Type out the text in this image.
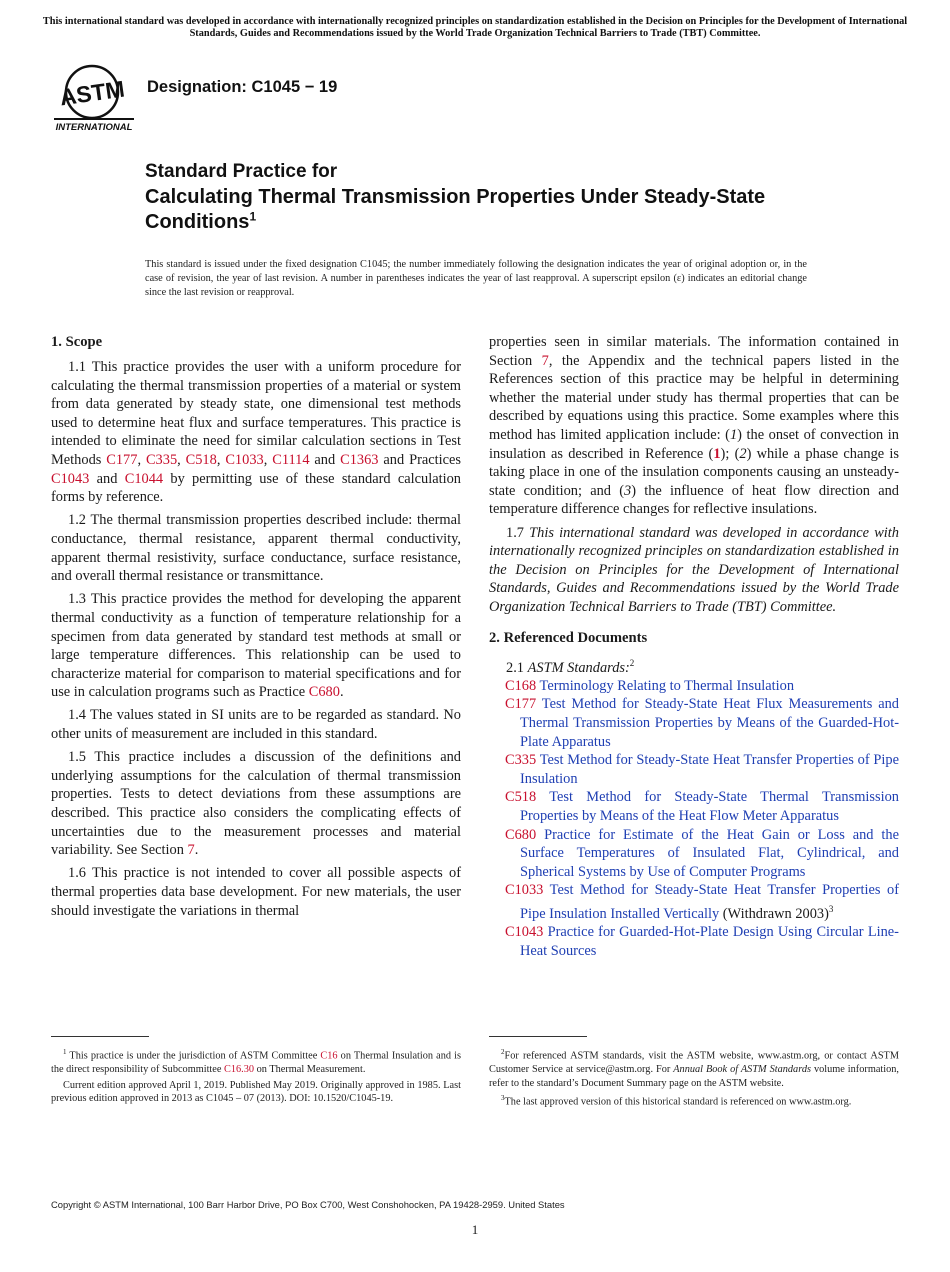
This international standard was developed in accordance with internationally recognized principles on standardization established in the Decision on Principles for the Development of International Standards, Guides and Recommendations issued by the World Trade Organization Technical Barriers to Trade (TBT) Committee.
ASTM
INTERNATIONAL
Designation: C1045 − 19
Standard Practice for
Calculating Thermal Transmission Properties Under Steady-State Conditions$^1$
This standard is issued under the fixed designation C1045; the number immediately following the designation indicates the year of original adoption or, in the case of revision, the year of last revision. A number in parentheses indicates the year of last reapproval. A superscript epsilon (ε) indicates an editorial change since the last revision or reapproval.
1. Scope

1.1 This practice provides the user with a uniform procedure for calculating the thermal transmission properties of a material or system from data generated by steady state, one dimensional test methods used to determine heat flux and surface temperatures. This practice is intended to eliminate the need for similar calculation sections in Test Methods C177, C335, C518, C1033, C1114 and C1363 and Practices C1043 and C1044 by permitting use of these standard calculation forms by reference.

1.2 The thermal transmission properties described include: thermal conductance, thermal resistance, apparent thermal conductivity, apparent thermal resistivity, surface conductance, surface resistance, and overall thermal resistance or transmittance.

1.3 This practice provides the method for developing the apparent thermal conductivity as a function of temperature relationship for a specimen from data generated by standard test methods at small or large temperature differences. This relationship can be used to characterize material for comparison to material specifications and for use in calculation programs such as Practice C680.

1.4 The values stated in SI units are to be regarded as standard. No other units of measurement are included in this standard.

1.5 This practice includes a discussion of the definitions and underlying assumptions for the calculation of thermal transmission properties. Tests to detect deviations from these assumptions are described. This practice also considers the complicating effects of uncertainties due to the measurement processes and material variability. See Section 7.

1.6 This practice is not intended to cover all possible aspects of thermal properties data base development. For new materials, the user should investigate the variations in thermal

properties seen in similar materials. The information contained in Section 7, the Appendix and the technical papers listed in the References section of this practice may be helpful in determining whether the material under study has thermal properties that can be described by equations using this practice. Some examples where this method has limited application include: (1) the onset of convection in insulation as described in Reference (1); (2) while a phase change is taking place in one of the insulation components causing an unsteady-state condition; and (3) the influence of heat flow direction and temperature difference changes for reflective insulations.

1.7 This international standard was developed in accordance with internationally recognized principles on standardization established in the Decision on Principles for the Development of International Standards, Guides and Recommendations issued by the World Trade Organization Technical Barriers to Trade (TBT) Committee.

2. Referenced Documents

2.1 ASTM Standards:$^2$

C168 Terminology Relating to Thermal Insulation

C177 Test Method for Steady-State Heat Flux Measurements and Thermal Transmission Properties by Means of the Guarded-Hot-Plate Apparatus

C335 Test Method for Steady-State Heat Transfer Properties of Pipe Insulation

C518 Test Method for Steady-State Thermal Transmission Properties by Means of the Heat Flow Meter Apparatus

C680 Practice for Estimate of the Heat Gain or Loss and the Surface Temperatures of Insulated Flat, Cylindrical, and Spherical Systems by Use of Computer Programs

C1033 Test Method for Steady-State Heat Transfer Properties of Pipe Insulation Installed Vertically (Withdrawn 2003)$^3$

C1043 Practice for Guarded-Hot-Plate Design Using Circular Line-Heat Sources

$^1$ This practice is under the jurisdiction of ASTM Committee C16 on Thermal Insulation and is the direct responsibility of Subcommittee C16.30 on Thermal Measurement.

Current edition approved April 1, 2019. Published May 2019. Originally approved in 1985. Last previous edition approved in 2013 as C1045 – 07 (2013). DOI: 10.1520/C1045-19.

$^2$For referenced ASTM standards, visit the ASTM website, www.astm.org, or contact ASTM Customer Service at service@astm.org. For Annual Book of ASTM Standards volume information, refer to the standard’s Document Summary page on the ASTM website.

$^3$The last approved version of this historical standard is referenced on www.astm.org.

Copyright © ASTM International, 100 Barr Harbor Drive, PO Box C700, West Conshohocken, PA 19428-2959. United States
1
